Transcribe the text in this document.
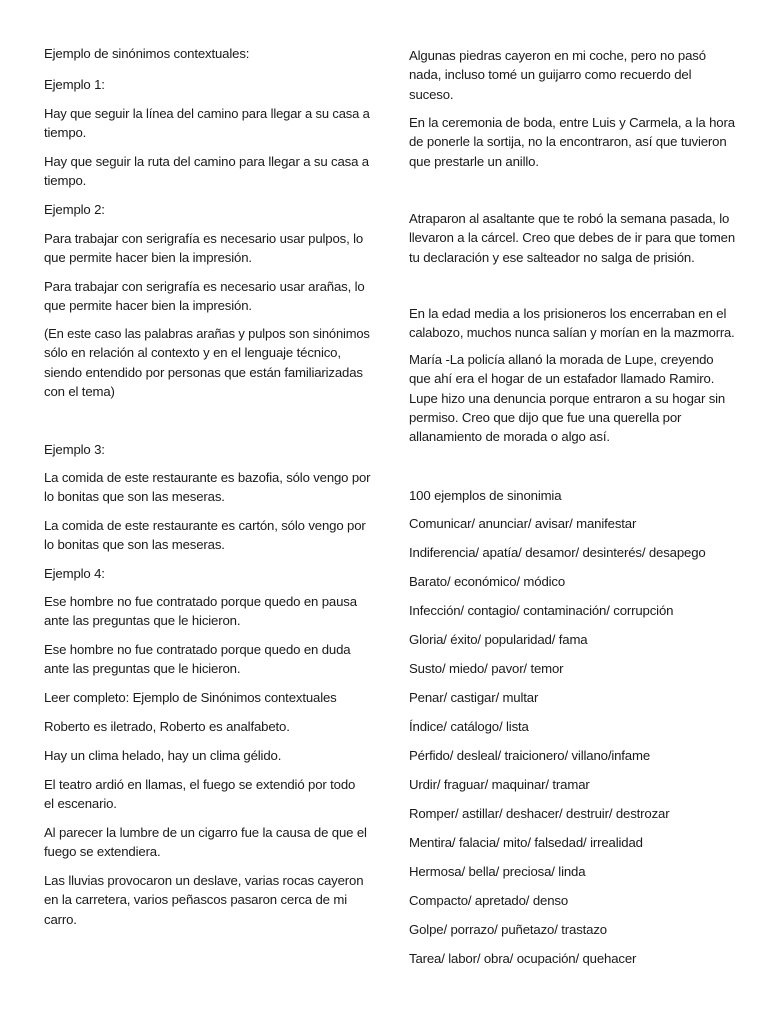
Ejemplo de sinónimos contextuales:
Ejemplo 1:
Hay que seguir la línea del camino para llegar a su casa a
tiempo.
Hay que seguir la ruta del camino para llegar a su casa a
tiempo.
Ejemplo 2:
Para trabajar con serigrafía es necesario usar pulpos, lo
que permite hacer bien la impresión.
Para trabajar con serigrafía es necesario usar arañas, lo
que permite hacer bien la impresión.
(En este caso las palabras arañas y pulpos son sinónimos
sólo en relación al contexto y en el lenguaje técnico,
siendo entendido por personas que están familiarizadas
con el tema)
Ejemplo 3:
La comida de este restaurante es bazofia, sólo vengo por
lo bonitas que son las meseras.
La comida de este restaurante es cartón, sólo vengo por
lo bonitas que son las meseras.
Ejemplo 4:
Ese hombre no fue contratado porque quedo en pausa
ante las preguntas que le hicieron.
Ese hombre no fue contratado porque quedo en duda
ante las preguntas que le hicieron.
Leer completo: Ejemplo de Sinónimos contextuales
Roberto es iletrado, Roberto es analfabeto.
Hay un clima helado, hay un clima gélido.
El teatro ardió en llamas, el fuego se extendió por todo
el escenario.
Al parecer la lumbre de un cigarro fue la causa de que el
fuego se extendiera.
Las lluvias provocaron un deslave, varias rocas cayeron
en la carretera, varios peñascos pasaron cerca de mi
carro.
Algunas piedras cayeron en mi coche, pero no pasó
nada, incluso tomé un guijarro como recuerdo del
suceso.
En la ceremonia de boda, entre Luis y Carmela, a la hora
de ponerle la sortija, no la encontraron, así que tuvieron
que prestarle un anillo.
Atraparon al asaltante que te robó la semana pasada, lo
llevaron a la cárcel. Creo que debes de ir para que tomen
tu declaración y ese salteador no salga de prisión.
En la edad media a los prisioneros los encerraban en el
calabozo, muchos nunca salían y morían en la mazmorra.
María -La policía allanó la morada de Lupe, creyendo
que ahí era el hogar de un estafador llamado Ramiro.
Lupe hizo una denuncia porque entraron a su hogar sin
permiso. Creo que dijo que fue una querella por
allanamiento de morada o algo así.
100 ejemplos de sinonimia
Comunicar/ anunciar/ avisar/ manifestar
Indiferencia/ apatía/ desamor/ desinterés/ desapego
Barato/ económico/ módico
Infección/ contagio/ contaminación/ corrupción
Gloria/ éxito/ popularidad/ fama
Susto/ miedo/ pavor/ temor
Penar/ castigar/ multar
Índice/ catálogo/ lista
Pérfido/ desleal/ traicionero/ villano/infame
Urdir/ fraguar/ maquinar/ tramar
Romper/ astillar/ deshacer/ destruir/ destrozar
Mentira/ falacia/ mito/ falsedad/ irrealidad
Hermosa/ bella/ preciosa/ linda
Compacto/ apretado/ denso
Golpe/ porrazo/ puñetazo/ trastazo
Tarea/ labor/ obra/ ocupación/ quehacer
